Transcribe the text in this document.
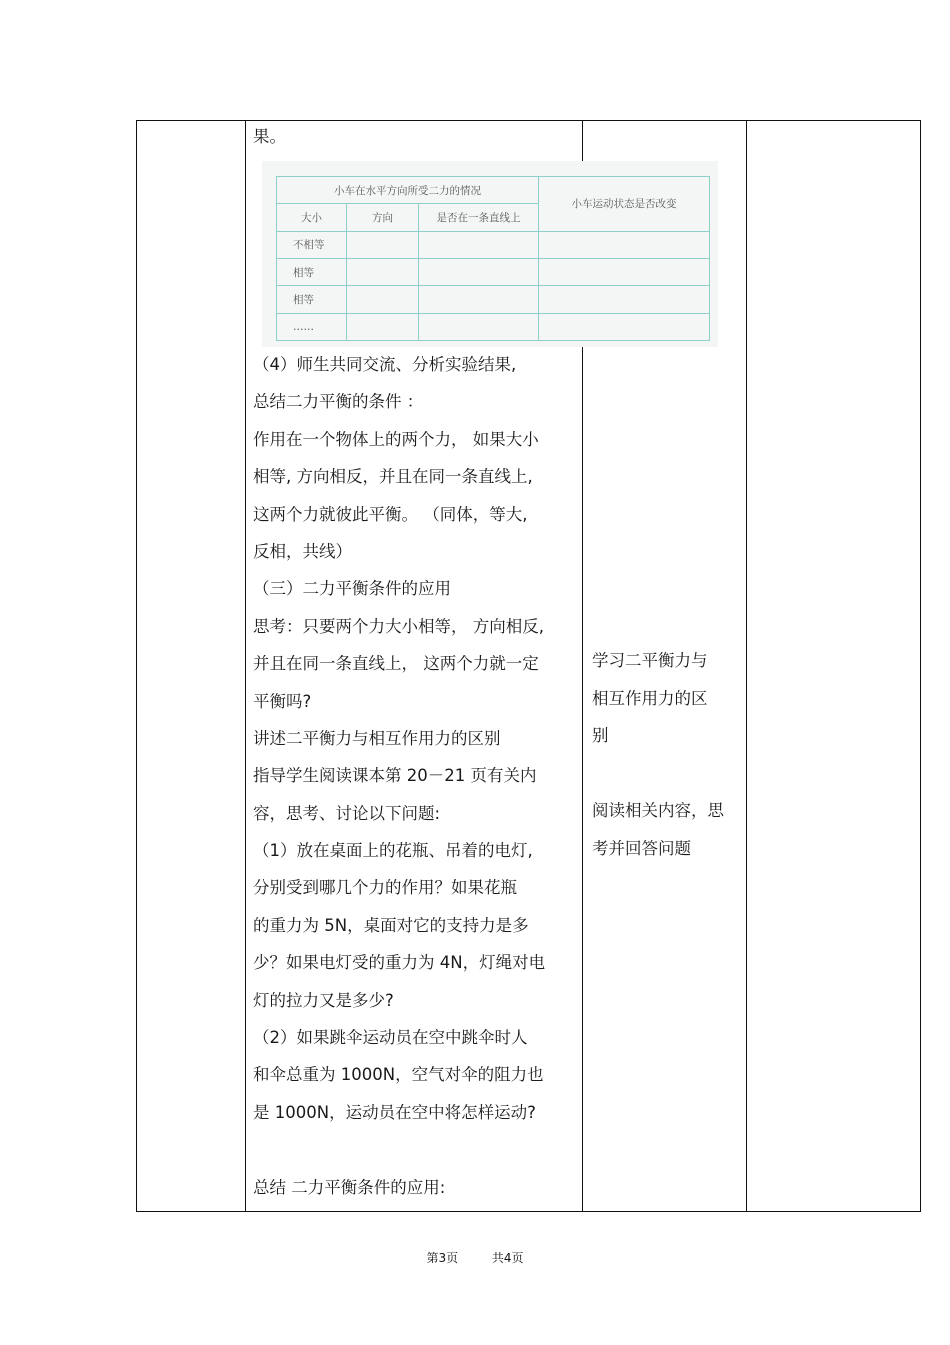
果。
（4）师生共同交流、分析实验结果,
总结二力平衡的条件 ：
作用在一个物体上的两个力， 如果大小
相等, 方向相反，并且在同一条直线上,
这两个力就彼此平衡。 （同体，等大,
反相，共线）
（三）二力平衡条件的应用
思考：只要两个力大小相等， 方向相反,
并且在同一条直线上， 这两个力就一定
平衡吗?
讲述二平衡力与相互作用力的区别
指导学生阅读课本第 20－21 页有关内
容，思考、讨论以下问题:
（1）放在桌面上的花瓶、吊着的电灯,
分别受到哪几个力的作用？如果花瓶
的重力为 5N，桌面对它的支持力是多
少？如果电灯受的重力为 4N，灯绳对电
灯的拉力又是多少?
（2）如果跳伞运动员在空中跳伞时人
和伞总重为 1000N，空气对伞的阻力也
是 1000N，运动员在空中将怎样运动?
总结 二力平衡条件的应用:
小车在水平方向所受二力的情况			小车运动状态是否改变
大小	方向	是否在一条直线上	
不相等			
相等			
相等			
……			
学习二平衡力与
相互作用力的区
别
阅读相关内容，思
考并回答问题
第3页	共4页
